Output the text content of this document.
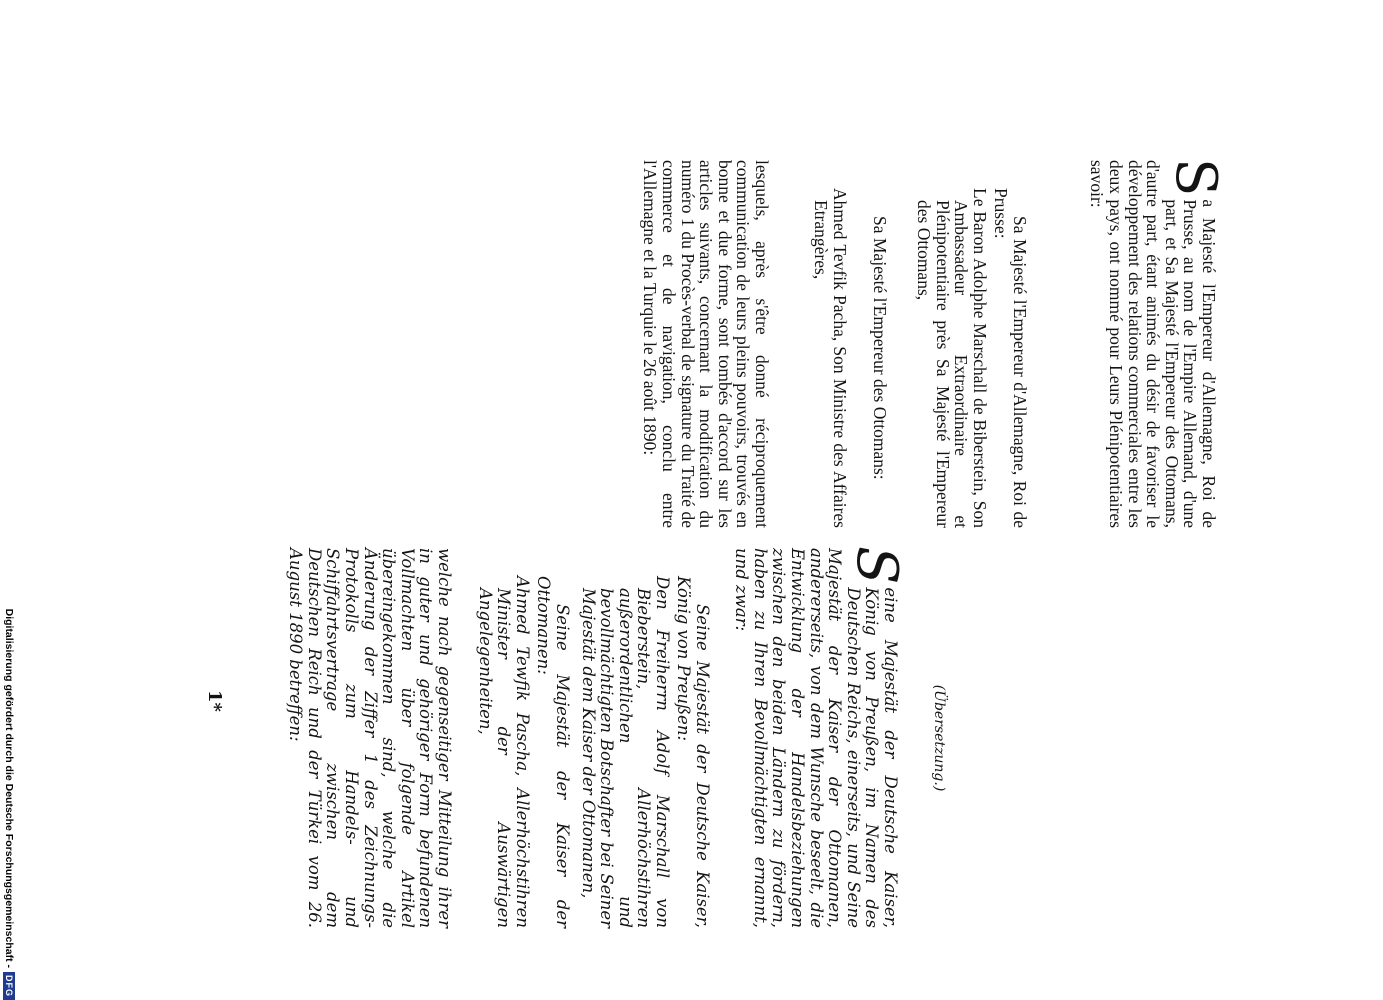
S
a Majesté l'Empereur d'Allemagne, Roi de Prusse, au nom de l'Empire Allemand, d'une part, et Sa Majesté l'Empereur des Ottomans, d'autre part, étant animés du désir de favoriser le développement des relations commerciales entre les deux pays, ont nommé pour Leurs Plénipotentiaires savoir:

Sa Majesté l'Empereur d'Allemagne, Roi de Prusse:

Le Baron Adolphe Marschall de Biberstein, Son Ambassadeur Extraordinaire et Plénipotentiaire près Sa Majesté l'Empereur des Ottomans,

Sa Majesté l'Empereur des Ottomans:

Ahmed Tevfik Pacha, Son Ministre des Affaires Etrangères,

lesquels, après s'être donné réciproquement communication de leurs pleins pouvoirs, trouvés en bonne et due forme, sont tombés d'accord sur les articles suivants, concernant la modification du numéro 1 du Procès-verbal de signature du Traité de commerce et de navigation, conclu entre l'Allemagne et la Turquie le 26 août 1890:

(Übersetzung.)

S
eine Majestät der Deutsche Kaiser, König von Preußen, im Namen des Deutschen Reichs, einerseits, und Seine Majestät der Kaiser der Ottomanen, andererseits, von dem Wunsche beseelt, die Entwicklung der Handelsbeziehungen zwischen den beiden Ländern zu fördern, haben zu Ihren Bevollmächtigten ernannt, und zwar:

Seine Majestät der Deutsche Kaiser, König von Preußen:

Den Freiherrn Adolf Marschall von Bieberstein, Allerhöchstihren außerordentlichen und bevollmächtigten Botschafter bei Seiner Majestät dem Kaiser der Ottomanen,

Seine Majestät der Kaiser der Ottomanen:

Ahmed Tewfik Pascha, Allerhöchstihren Minister der Auswärtigen Angelegenheiten,

welche nach gegenseitiger Mitteilung ihrer in guter und gehöriger Form befundenen Vollmachten über folgende Artikel übereingekommen sind, welche die Änderung der Ziffer 1 des Zeichnungs-Protokolls zum Handels- und Schiffahrtsvertrage zwischen dem Deutschen Reich und der Türkei vom 26. August 1890 betreffen:

1*
Digitalisierung gefördert durch die Deutsche Forschungsgemeinschaft -
DFG
